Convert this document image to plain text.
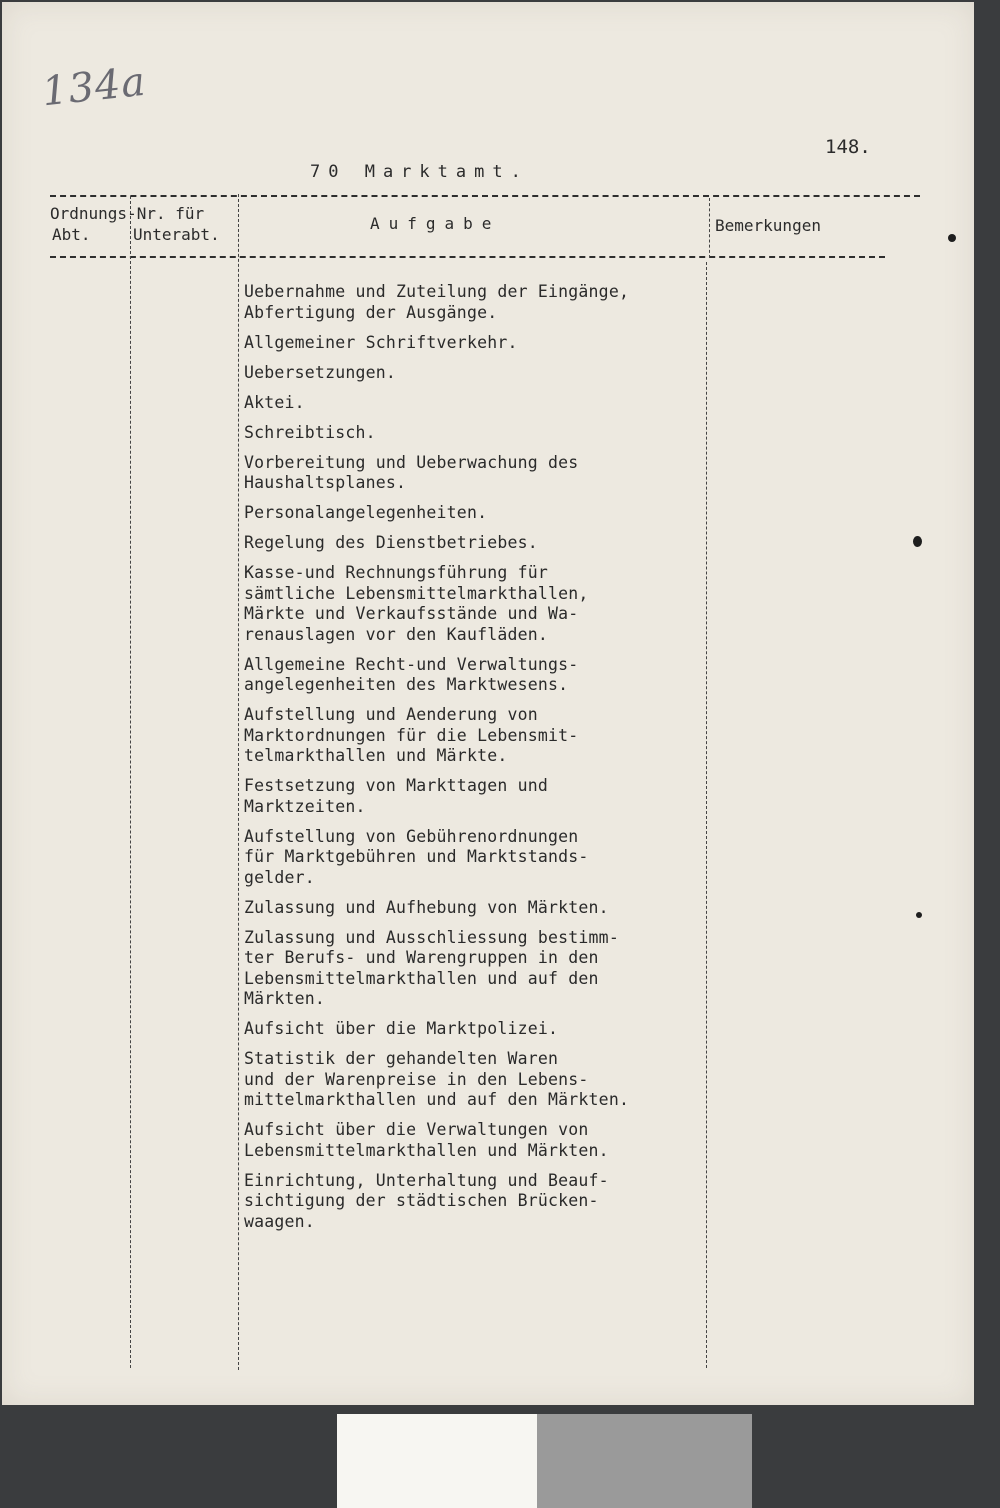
134a
148.
70 Marktamt.
Ordnungs-Nr. für
Abt.	Unterabt.
Aufgabe	Bemerkungen
Uebernahme und Zuteilung der Eingänge,
Abfertigung der Ausgänge.
Allgemeiner Schriftverkehr.
Uebersetzungen.
Aktei.
Schreibtisch.
Vorbereitung und Ueberwachung des
Haushaltsplanes.
Personalangelegenheiten.
Regelung des Dienstbetriebes.
Kasse-und Rechnungsführung für
sämtliche Lebensmittelmarkthallen,
Märkte und Verkaufsstände und Wa-
renauslagen vor den Kaufläden.
Allgemeine Recht-und Verwaltungs-
angelegenheiten des Marktwesens.
Aufstellung und Aenderung von
Marktordnungen für die Lebensmit-
telmarkthallen und Märkte.
Festsetzung von Markttagen und
Marktzeiten.
Aufstellung von Gebührenordnungen
für Marktgebühren und Marktstands-
gelder.
Zulassung und Aufhebung von Märkten.
Zulassung und Ausschliessung bestimm-
ter Berufs- und Warengruppen in den
Lebensmittelmarkthallen und auf den
Märkten.
Aufsicht über die Marktpolizei.
Statistik der gehandelten Waren
und der Warenpreise in den Lebens-
mittelmarkthallen und auf den Märkten.
Aufsicht über die Verwaltungen von
Lebensmittelmarkthallen und Märkten.
Einrichtung, Unterhaltung und Beauf-
sichtigung der städtischen Brücken-
waagen.
